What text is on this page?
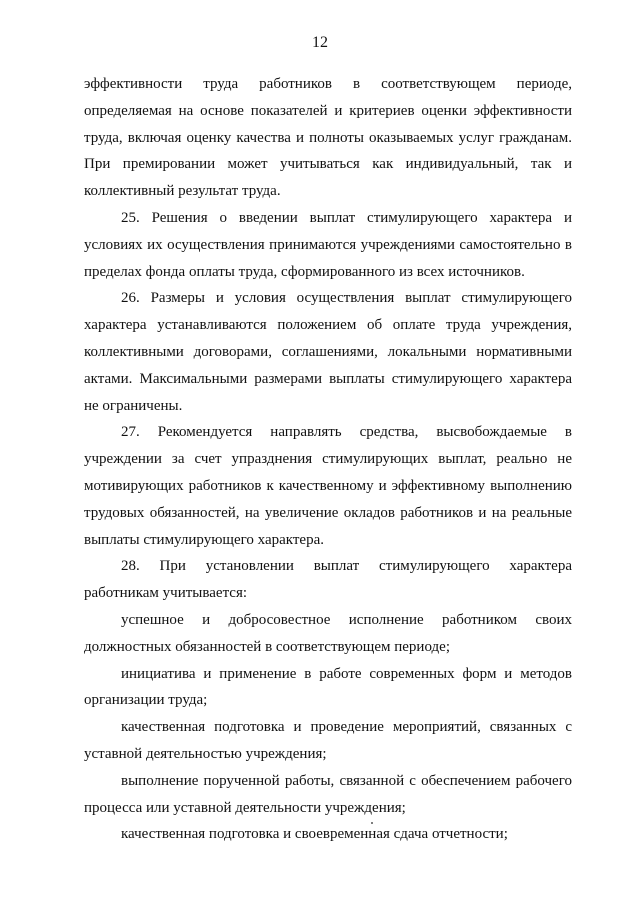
12

эффективности труда работников в соответствующем периоде,
определяемая на основе показателей и критериев оценки эффективности
труда, включая оценку качества и полноты оказываемых услуг гражданам.
При премировании может учитываться как индивидуальный, так и
коллективный результат труда.

25. Решения о введении выплат стимулирующего характера и

условиях их осуществления принимаются учреждениями самостоятельно в
пределах фонда оплаты труда, сформированного из всех источников.

26. Размеры и условия осуществления выплат стимулирующего

характера устанавливаются положением об оплате труда учреждения,
коллективными договорами, соглашениями, локальными нормативными
актами. Максимальными размерами выплаты стимулирующего характера
не ограничены.

27. Рекомендуется направлять средства, высвобождаемые в

учреждении за счет упразднения стимулирующих выплат, реально не
мотивирующих работников к качественному и эффективному выполнению
трудовых обязанностей, на увеличение окладов работников и на реальные
выплаты стимулирующего характера.

28. При установлении выплат стимулирующего характера

работникам учитывается:

успешное и добросовестное исполнение работником своих

должностных обязанностей в соответствующем периоде;

инициатива и применение в работе современных форм и методов

организации труда;

качественная подготовка и проведение мероприятий, связанных с

уставной деятельностью учреждения;

выполнение порученной работы, связанной с обеспечением рабочего

процесса или уставной деятельности учреждения;

качественная подготовка и своевременная сдача отчетности;
